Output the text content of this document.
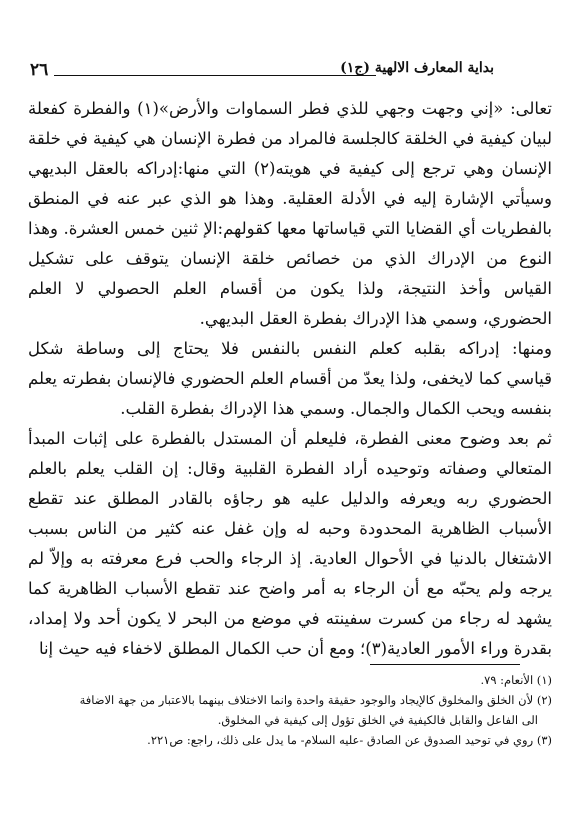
٢٦	بداية المعارف الالهية (ج١)
تعالى: «إني وجهت وجهي للذي فطر السماوات والأرض»(١) والفطرة كفعلة
لبيان كيفية في الخلقة كالجلسة فالمراد من فطرة الإنسان هي كيفية في خلقة
الإنسان وهي ترجع إلى كيفية في هويته(٢) التي منها:إدراكه بالعقل البديهي
وسيأتي الإشارة إليه في الأدلة العقلية. وهذا هو الذي عبر عنه في المنطق
بالفطريات أي القضايا التي قياساتها معها كقولهم:الإ ثنين خمس العشرة. وهذا
النوع من الإدراك الذي من خصائص خلقة الإنسان يتوقف على تشكيل
القياس وأخذ النتيجة، ولذا يكون من أقسام العلم الحصولي لا العلم
الحضوري، وسمي هذا الإدراك بفطرة العقل البديهي.
ومنها: إدراكه بقلبه كعلم النفس بالنفس فلا يحتاج إلى وساطة شكل
قياسي كما لايخفى، ولذا يعدّ من أقسام العلم الحضوري فالإنسان بفطرته يعلم
بنفسه ويحب الكمال والجمال. وسمي هذا الإدراك بفطرة القلب.
ثم بعد وضوح معنى الفطرة، فليعلم أن المستدل بالفطرة على إثبات المبدأ
المتعالي وصفاته وتوحيده أراد الفطرة القلبية وقال: إن القلب يعلم بالعلم
الحضوري ربه ويعرفه والدليل عليه هو رجاؤه بالقادر المطلق عند تقطع
الأسباب الظاهرية المحدودة وحبه له وإن غفل عنه كثير من الناس بسبب
الاشتغال بالدنيا في الأحوال العادية. إذ الرجاء والحب فرع معرفته به وإلاّ لم
يرجه ولم يحبّه مع أن الرجاء به أمر واضح عند تقطع الأسباب الظاهرية كما
يشهد له رجاء من كسرت سفينته في موضع من البحر لا يكون أحد ولا إمداد،
بقدرة وراء الأمور العادية(٣)؛ ومع أن حب الكمال المطلق لاخفاء فيه حيث إنا
(١) الأنعام: ٧٩.
(٢) لأن الخلق والمخلوق كالإيجاد والوجود حقيقة واحدة وانما الاختلاف بينهما بالاعتبار من جهة الاضافة
الى الفاعل والقابل فالكيفية في الخلق تؤول إلى كيفية في المخلوق.
(٣) روي في توحيد الصدوق عن الصادق -عليه السلام- ما يدل على ذلك، راجع: ص٢٢١.
